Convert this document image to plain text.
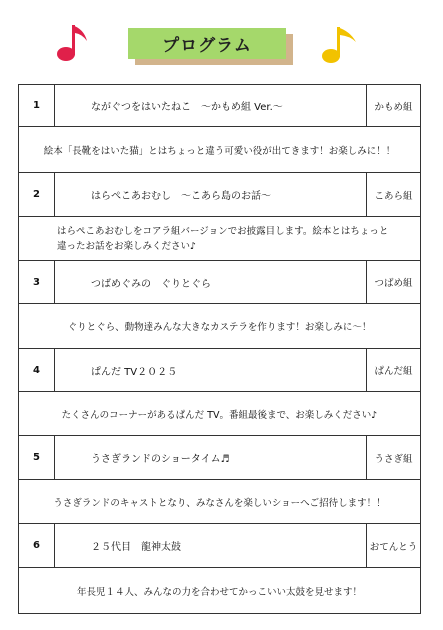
プログラム
1	ながぐつをはいたねこ　～かもめ組 Ver.～	かもめ組
絵本「長靴をはいた猫」とはちょっと違う可愛い役が出てきます！お楽しみに！！
2	はらぺこあおむし　～こあら島のお話～	こあら組
はらぺこあおむしをコアラ組バージョンでお披露目します。絵本とはちょっと
違ったお話をお楽しみください♪
3	つばめぐみの　ぐりとぐら	つばめ組
ぐりとぐら、動物達みんな大きなカステラを作ります！お楽しみに～！
4	ぱんだ TV２０２５	ぱんだ組
たくさんのコーナーがあるぱんだ TV。番組最後まで、お楽しみください♪
5	うさぎランドのショータイム♬	うさぎ組
うさぎランドのキャストとなり、みなさんを楽しいショーへご招待します！！
6	２５代目　龍神太鼓	おてんとう
年長児１４人、みんなの力を合わせてかっこいい太鼓を見せます！
